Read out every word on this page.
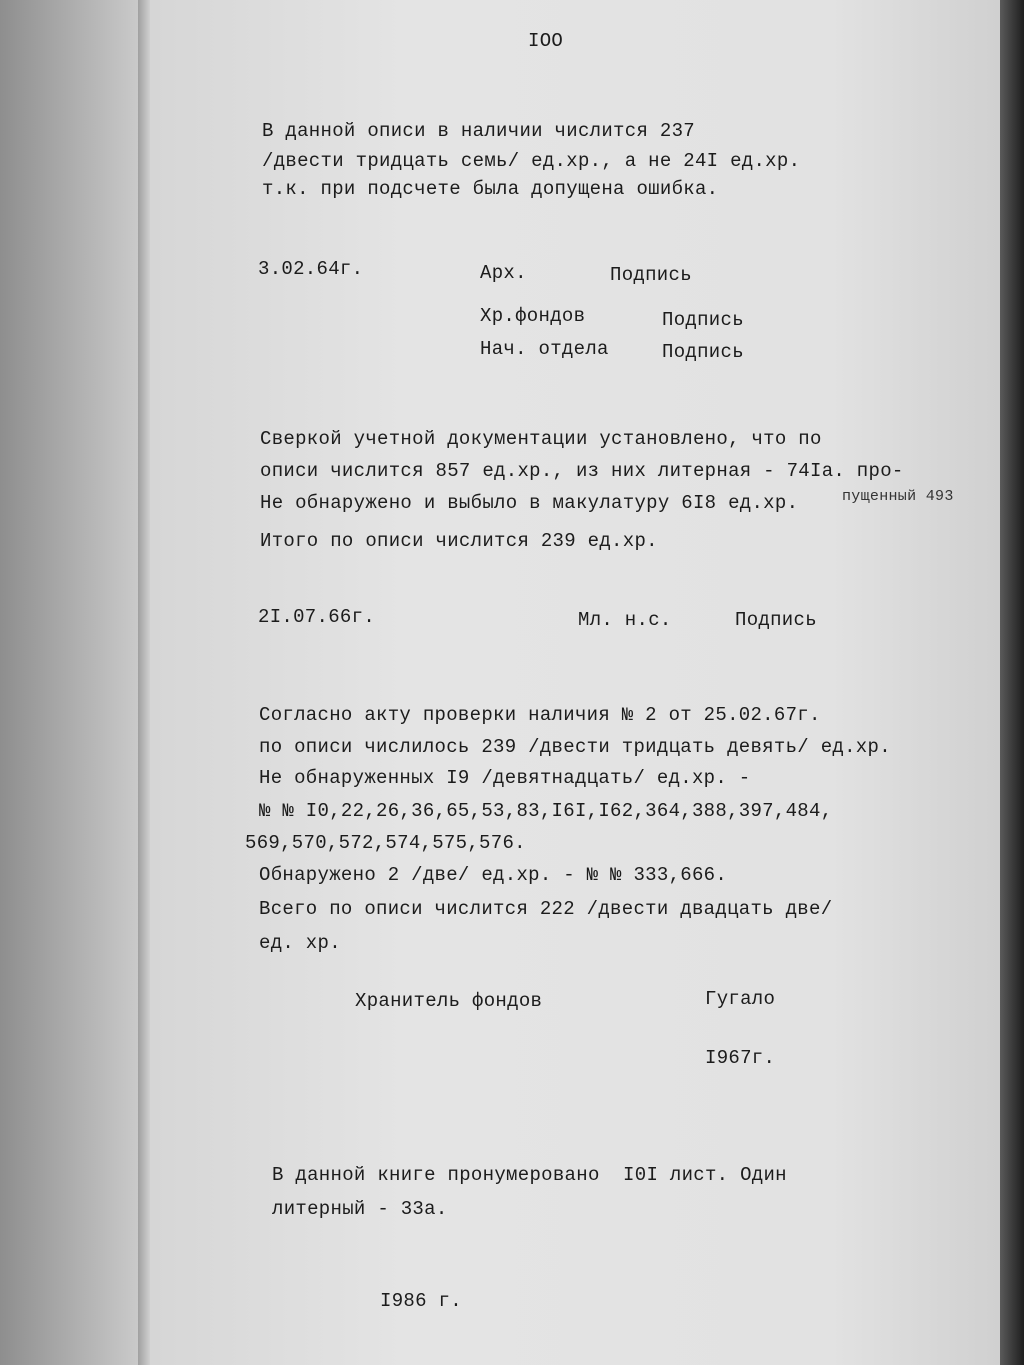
IOO
В данной описи в наличии числится 237
/двести тридцать семь/ ед.хр., а не 24I ед.хр.
т.к. при подсчете была допущена ошибка.
3.02.64г.	Арх.	Подпись
Хр.фондов	Подпись
Нач. отдела	Подпись
Сверкой учетной документации установлено, что по
описи числится 857 ед.хр., из них литерная - 74Iа. про-
Не обнаружено и выбыло в макулатуру 6I8 ед.хр.	пущенный 493
Итого по описи числится 239 ед.хр.
2I.07.66г.	Мл. н.с.	Подпись
Согласно акту проверки наличия № 2 от 25.02.67г.
по описи числилось 239 /двести тридцать девять/ ед.хр.
Не обнаруженных I9 /девятнадцать/ ед.хр. -
№ № I0,22,26,36,65,53,83,I6I,I62,364,388,397,484,
569,570,572,574,575,576.
Обнаружено 2 /две/ ед.хр. - № № 333,666.
Всего по описи числится 222 /двести двадцать две/
ед. хр.
Хранитель фондов	Гугало
I967г.
В данной книге пронумеровано  I0I лист. Один
литерный - 33а.
I986 г.
